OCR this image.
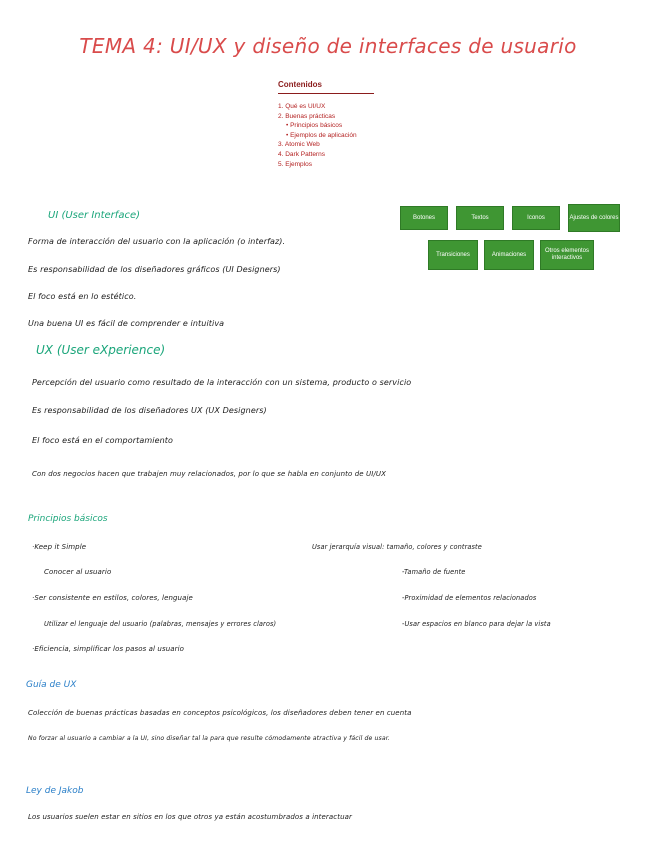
TEMA 4: UI/UX y diseño de interfaces de usuario
Contenidos
1. Qué es UI/UX
2. Buenas prácticas
• Principios básicos
• Ejemplos de aplicación
3. Atomic Web
4. Dark Patterns
5. Ejemplos
Botones	Textos	Iconos	Ajustes de colores
Transiciones	Animaciones
Otros elementos interactivos
UI (User Interface)
Forma de interacción del usuario con la aplicación (o interfaz).
Es responsabilidad de los diseñadores gráficos (UI Designers)
El foco está en lo estético.
Una buena UI es fácil de comprender e intuitiva
UX (User eXperience)
Percepción del usuario como resultado de la interacción con un sistema, producto o servicio
Es responsabilidad de los diseñadores UX (UX Designers)
El foco está en el comportamiento
Con dos negocios hacen que trabajen muy relacionados, por lo que se habla en conjunto de UI/UX
Principios básicos
·Keep it Simple
Conocer al usuario
·Ser consistente en estilos, colores, lenguaje
Utilizar el lenguaje del usuario (palabras, mensajes y errores claros)
·Eficiencia, simplificar los pasos al usuario
Usar jerarquía visual: tamaño, colores y contraste
-Tamaño de fuente
-Proximidad de elementos relacionados
-Usar espacios en blanco para dejar la vista
Guía de UX
Colección de buenas prácticas basadas en conceptos psicológicos, los diseñadores deben tener en cuenta
No forzar al usuario a cambiar a la UI, sino diseñar tal la para que resulte cómodamente atractiva y fácil de usar.
Ley de Jakob
Los usuarios suelen estar en sitios en los que otros ya están acostumbrados a interactuar
